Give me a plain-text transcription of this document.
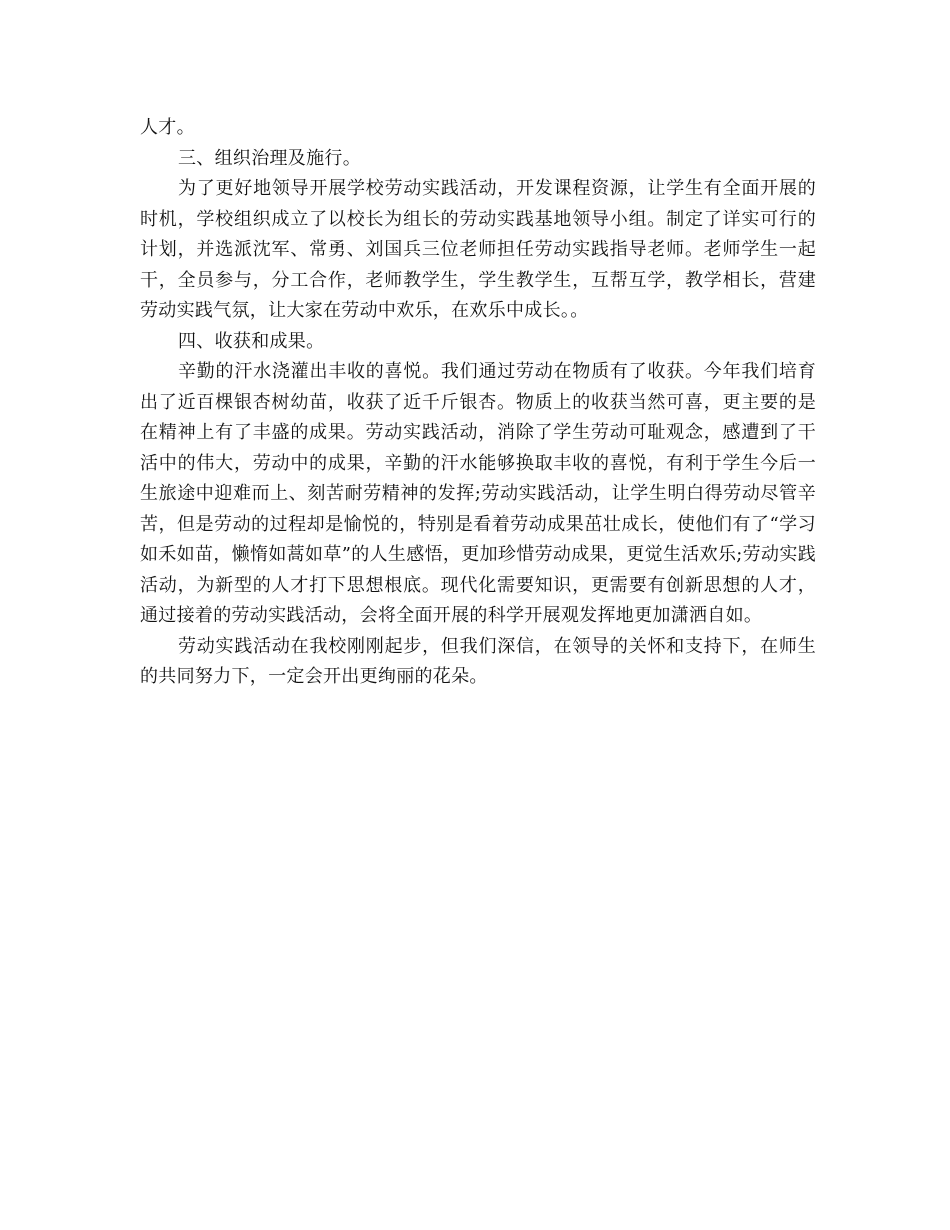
人才。

三、组织治理及施行。

为了更好地领导开展学校劳动实践活动，开发课程资源，让学生有全面开展的时机，学校组织成立了以校长为组长的劳动实践基地领导小组。制定了详实可行的计划，并选派沈军、常勇、刘国兵三位老师担任劳动实践指导老师。老师学生一起干，全员参与，分工合作，老师教学生，学生教学生，互帮互学，教学相长，营建劳动实践气氛，让大家在劳动中欢乐，在欢乐中成长。。

四、收获和成果。

辛勤的汗水浇灌出丰收的喜悦。我们通过劳动在物质有了收获。今年我们培育出了近百棵银杏树幼苗，收获了近千斤银杏。物质上的收获当然可喜，更主要的是在精神上有了丰盛的成果。劳动实践活动，消除了学生劳动可耻观念，感遭到了干活中的伟大，劳动中的成果，辛勤的汗水能够换取丰收的喜悦，有利于学生今后一生旅途中迎难而上、刻苦耐劳精神的发挥;劳动实践活动，让学生明白得劳动尽管辛苦，但是劳动的过程却是愉悦的，特别是看着劳动成果茁壮成长，使他们有了“学习如禾如苗，懒惰如蒿如草”的人生感悟，更加珍惜劳动成果，更觉生活欢乐;劳动实践活动，为新型的人才打下思想根底。现代化需要知识，更需要有创新思想的人才，通过接着的劳动实践活动，会将全面开展的科学开展观发挥地更加潇洒自如。

劳动实践活动在我校刚刚起步，但我们深信，在领导的关怀和支持下，在师生的共同努力下，一定会开出更绚丽的花朵。
